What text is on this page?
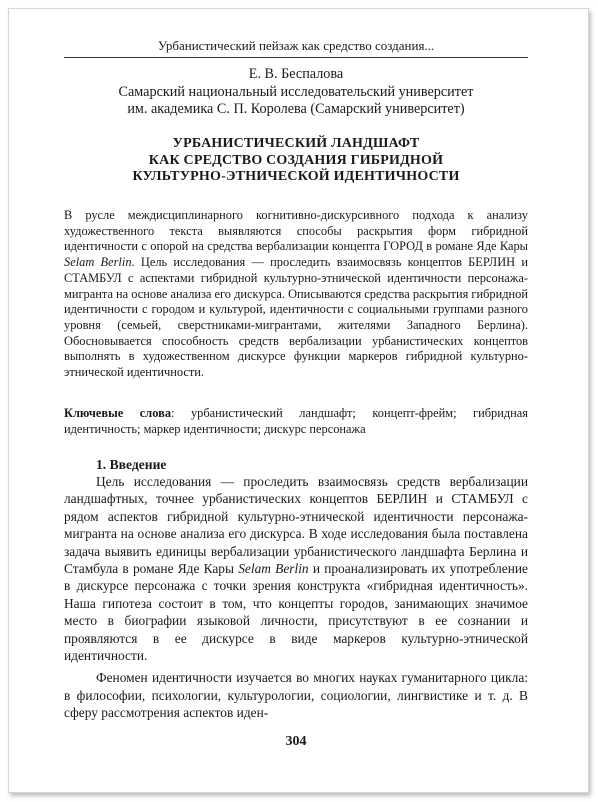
Урбанистический пейзаж как средство создания...
Е. В. Беспалова
Самарский национальный исследовательский университет
им. академика С. П. Королева (Самарский университет)
УРБАНИСТИЧЕСКИЙ ЛАНДШАФТ
КАК СРЕДСТВО СОЗДАНИЯ ГИБРИДНОЙ
КУЛЬТУРНО-ЭТНИЧЕСКОЙ ИДЕНТИЧНОСТИ
В русле междисциплинарного когнитивно-дискурсивного подхода к анализу художественного текста выявляются способы раскрытия форм гибридной идентичности с опорой на средства вербализации концепта ГОРОД в романе Яде Кары Selam Berlin. Цель исследования — проследить взаимосвязь концептов БЕРЛИН и СТАМБУЛ с аспектами гибридной культурно-этнической идентичности персонажа-мигранта на основе анализа его дискурса. Описываются средства раскрытия гибридной идентичности с городом и культурой, идентичности с социальными группами разного уровня (семьей, сверстниками-мигрантами, жителями Западного Берлина). Обосновывается способность средств вербализации урбанистических концептов выполнять в художественном дискурсе функции маркеров гибридной культурно-этнической идентичности.
Ключевые слова: урбанистический ландшафт; концепт-фрейм; гибридная идентичность; маркер идентичности; дискурс персонажа
1. Введение

Цель исследования — проследить взаимосвязь средств вербализации ландшафтных, точнее урбанистических концептов БЕРЛИН и СТАМБУЛ с рядом аспектов гибридной культурно-этнической идентичности персонажа-мигранта на основе анализа его дискурса. В ходе исследования была поставлена задача выявить единицы вербализации урбанистического ландшафта Берлина и Стамбула в романе Яде Кары Selam Berlin и проанализировать их употребление в дискурсе персонажа с точки зрения конструкта «гибридная идентичность». Наша гипотеза состоит в том, что концепты городов, занимающих значимое место в биографии языковой личности, присутствуют в ее сознании и проявляются в ее дискурсе в виде маркеров культурно-этнической идентичности.

Феномен идентичности изучается во многих науках гуманитарного цикла: в философии, психологии, культурологии, социологии, лингвистике и т. д. В сферу рассмотрения аспектов иден-

304
